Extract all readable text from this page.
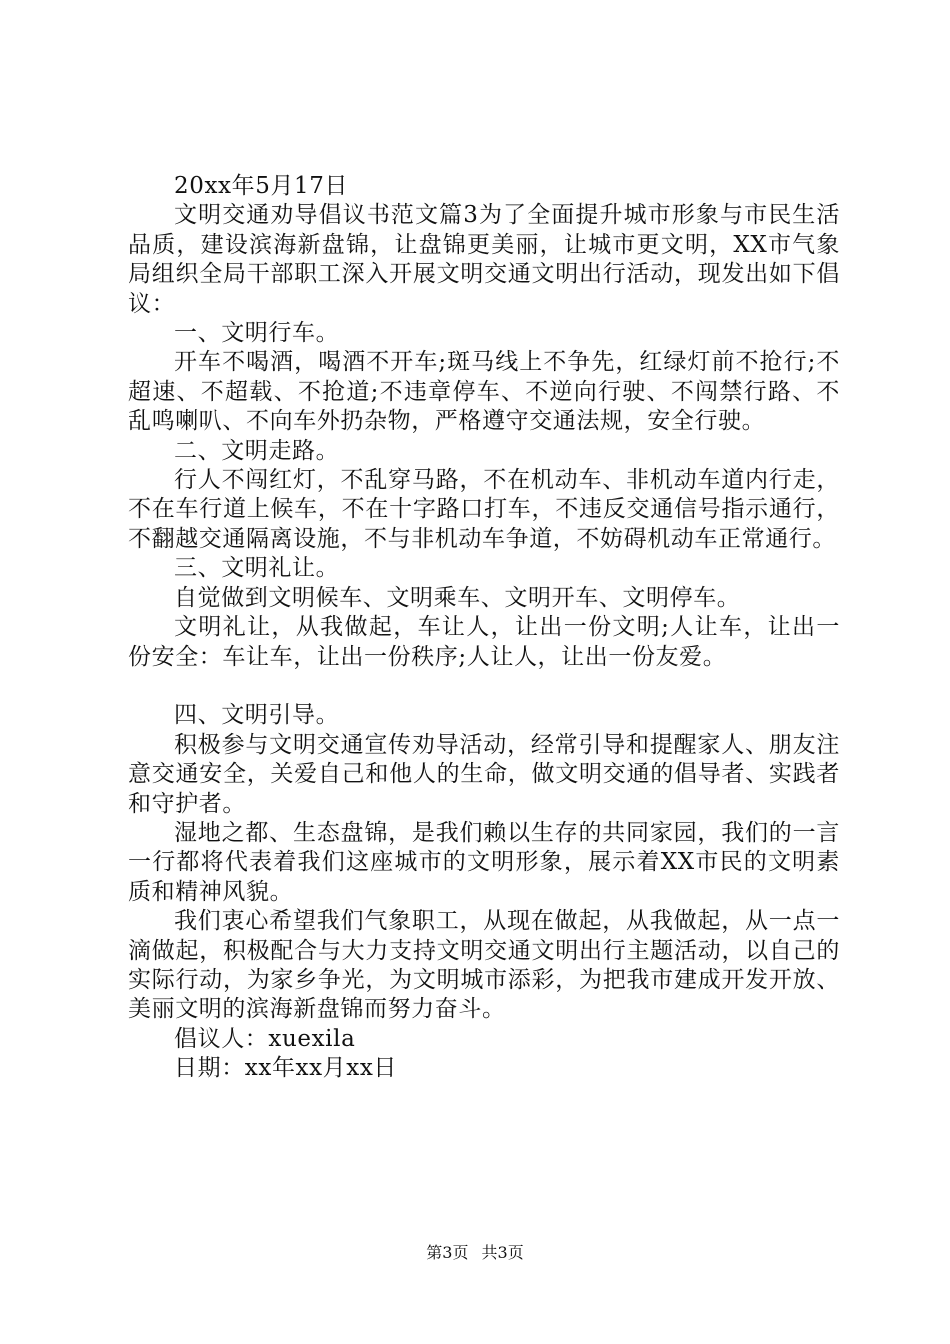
20xx年5月17日

文明交通劝导倡议书范文篇3为了全面提升城市形象与市民生活品质，建设滨海新盘锦，让盘锦更美丽，让城市更文明，XX市气象局组织全局干部职工深入开展文明交通文明出行活动，现发出如下倡议：

一、文明行车。

开车不喝酒，喝酒不开车;斑马线上不争先，红绿灯前不抢行;不超速、不超载、不抢道;不违章停车、不逆向行驶、不闯禁行路、不乱鸣喇叭、不向车外扔杂物，严格遵守交通法规，安全行驶。

二、文明走路。

行人不闯红灯，不乱穿马路，不在机动车、非机动车道内行走，不在车行道上候车，不在十字路口打车，不违反交通信号指示通行，不翻越交通隔离设施，不与非机动车争道，不妨碍机动车正常通行。

三、文明礼让。

自觉做到文明候车、文明乘车、文明开车、文明停车。

文明礼让，从我做起，车让人，让出一份文明;人让车，让出一份安全：车让车，让出一份秩序;人让人，让出一份友爱。

四、文明引导。

积极参与文明交通宣传劝导活动，经常引导和提醒家人、朋友注意交通安全，关爱自己和他人的生命，做文明交通的倡导者、实践者和守护者。

湿地之都、生态盘锦，是我们赖以生存的共同家园，我们的一言一行都将代表着我们这座城市的文明形象，展示着XX市民的文明素质和精神风貌。

我们衷心希望我们气象职工，从现在做起，从我做起，从一点一滴做起，积极配合与大力支持文明交通文明出行主题活动，以自己的实际行动，为家乡争光，为文明城市添彩，为把我市建成开发开放、美丽文明的滨海新盘锦而努力奋斗。

倡议人：xuexila

日期：xx年xx月xx日

第3页 共3页
